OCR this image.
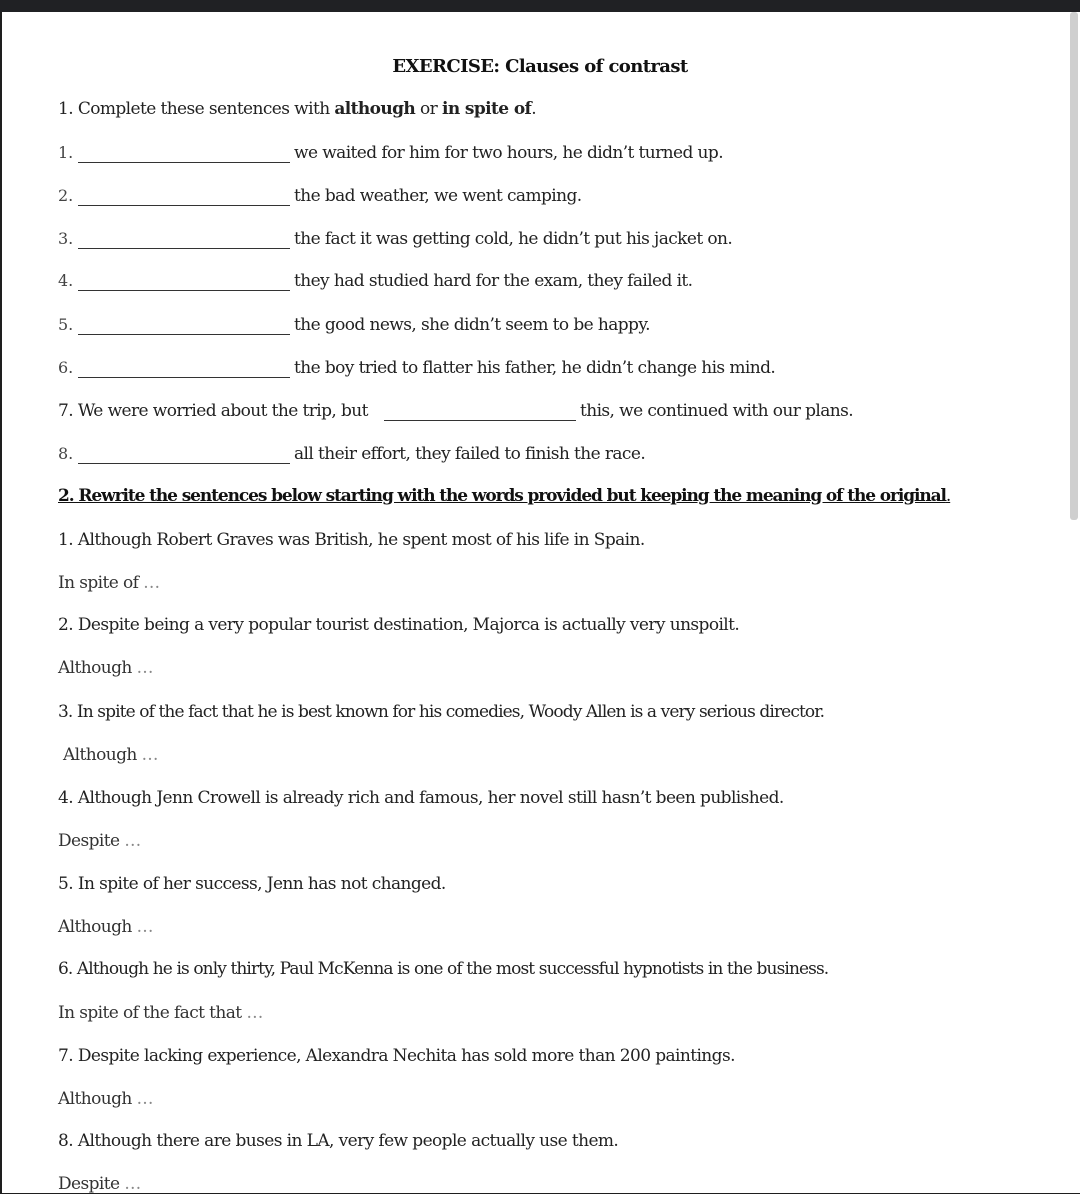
EXERCISE: Clauses of contrast
1. Complete these sentences with although or in spite of.
1.	we waited for him for two hours, he didn’t turned up.
2.	the bad weather, we went camping.
3.	the fact it was getting cold, he didn’t put his jacket on.
4.	they had studied hard for the exam, they failed it.
5.	the good news, she didn’t seem to be happy.
6.	the boy tried to flatter his father, he didn’t change his mind.
7. We were worried about the trip, but	this, we continued with our plans.
8.	all their effort, they failed to finish the race.
2. Rewrite the sentences below starting with the words provided but keeping the meaning of the original.
1. Although Robert Graves was British, he spent most of his life in Spain.
In spite of …
2. Despite being a very popular tourist destination, Majorca is actually very unspoilt.
Although …
3. In spite of the fact that he is best known for his comedies, Woody Allen is a very serious director.
Although …
4. Although Jenn Crowell is already rich and famous, her novel still hasn’t been published.
Despite …
5. In spite of her success, Jenn has not changed.
Although …
6. Although he is only thirty, Paul McKenna is one of the most successful hypnotists in the business.
In spite of the fact that …
7. Despite lacking experience, Alexandra Nechita has sold more than 200 paintings.
Although …
8. Although there are buses in LA, very few people actually use them.
Despite …
